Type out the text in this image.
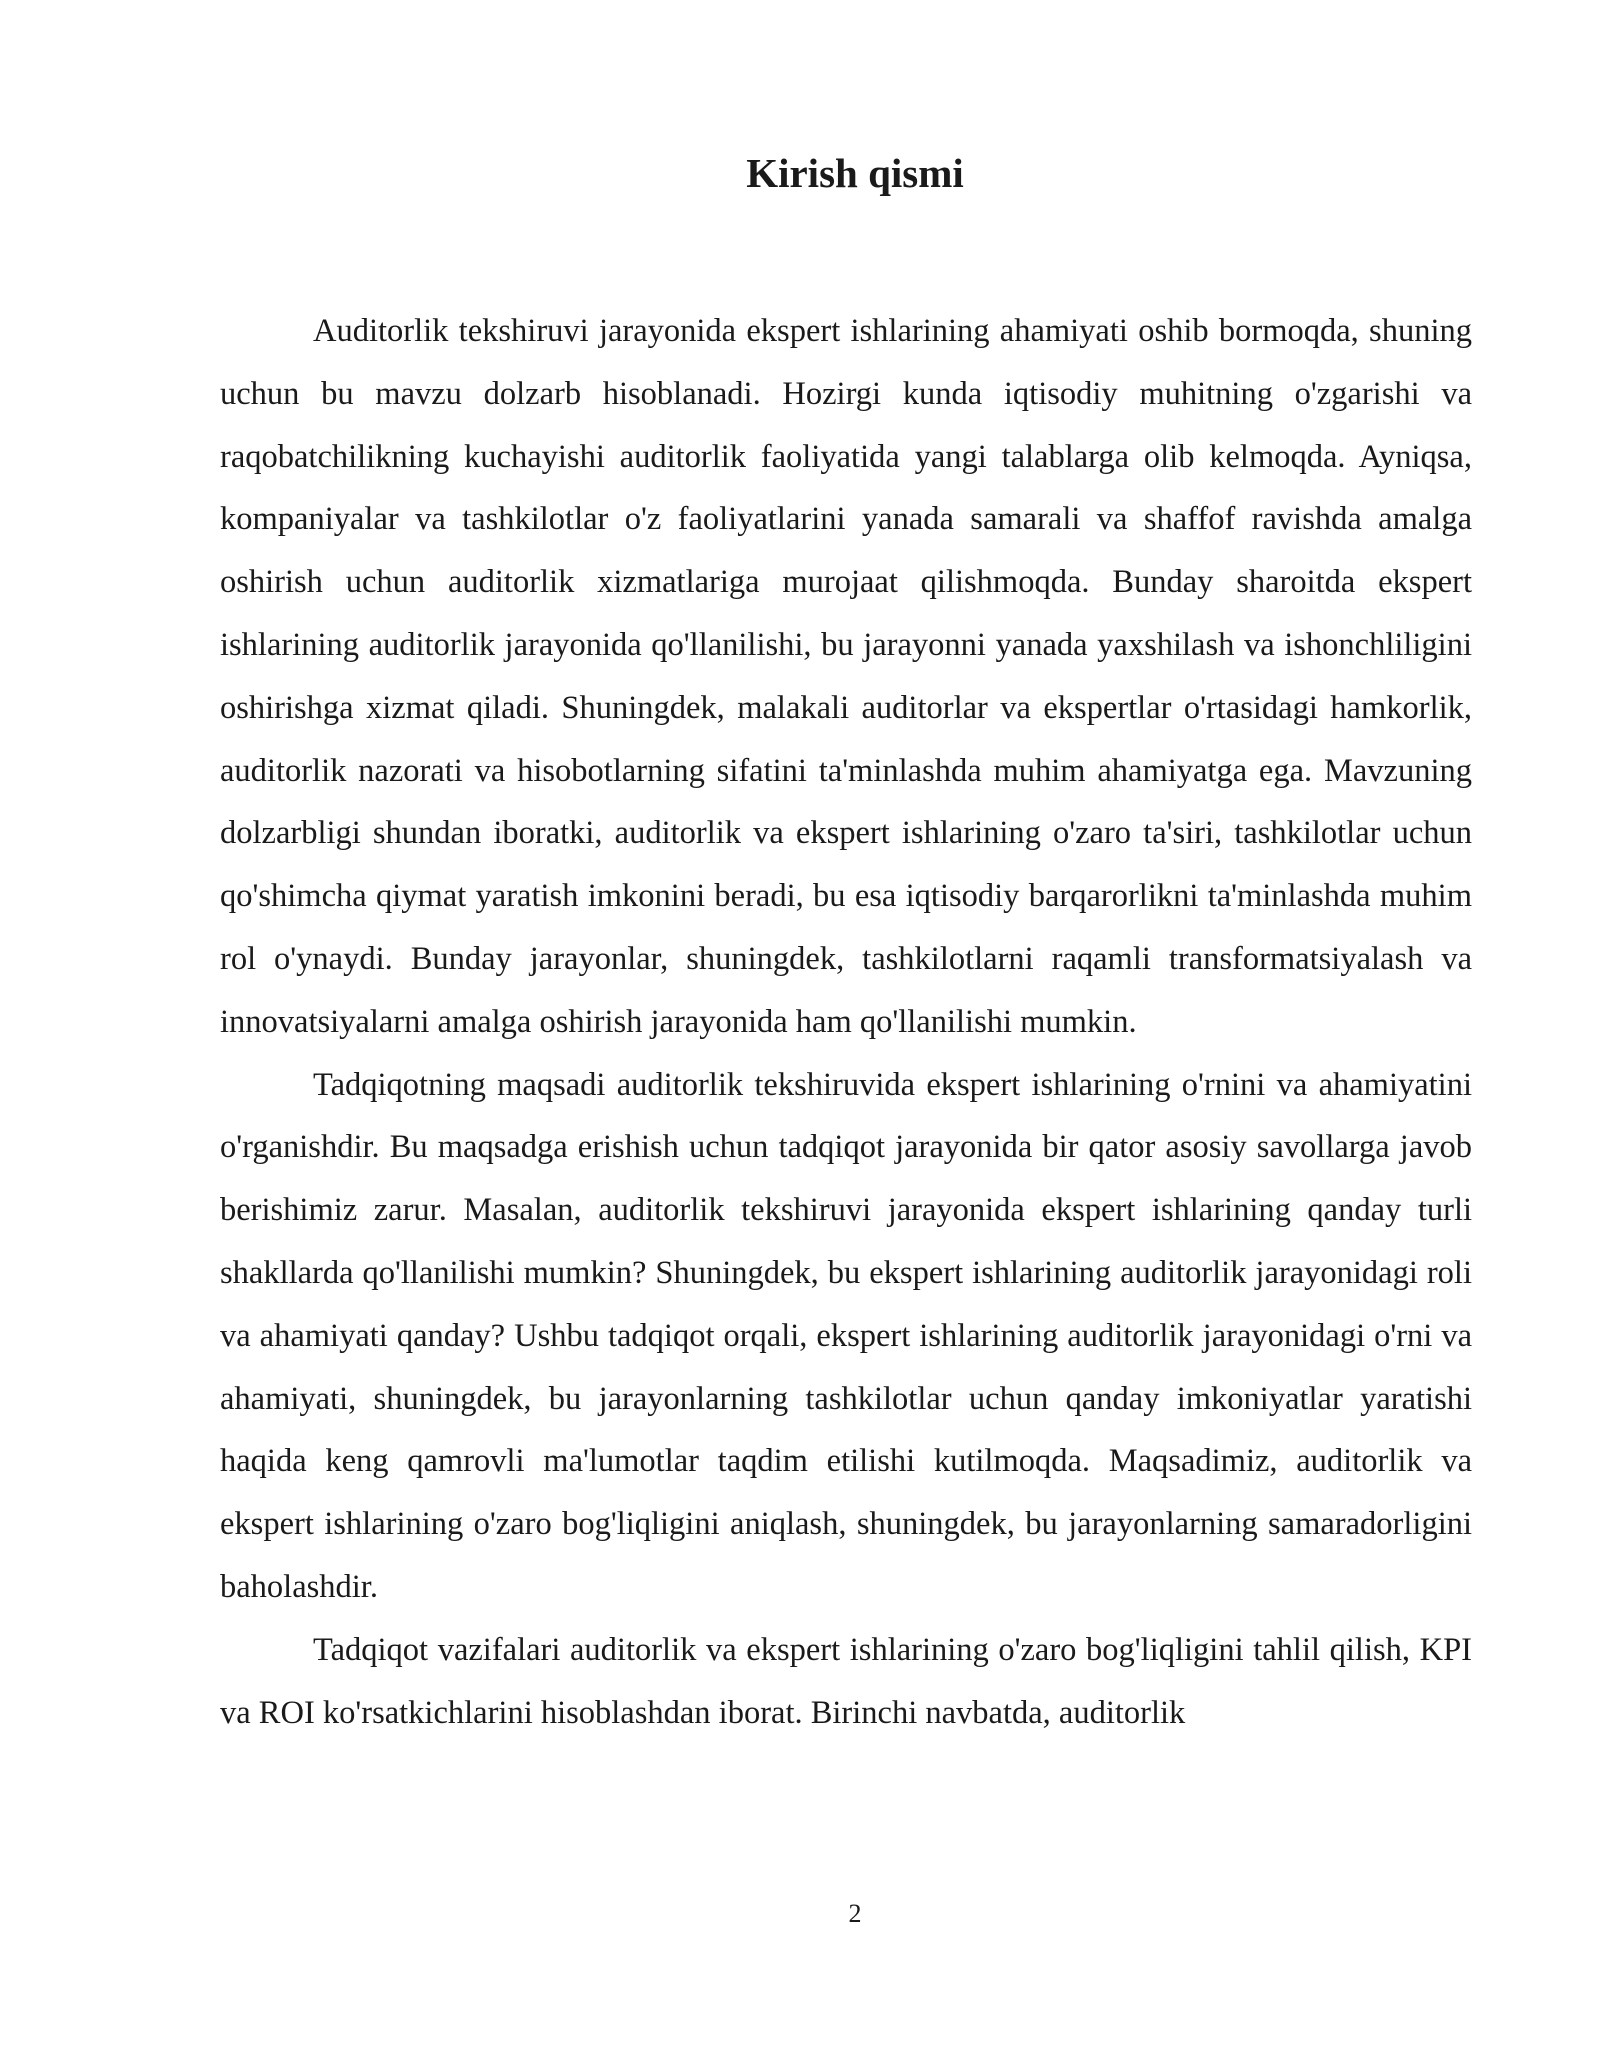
Kirish qismi

Auditorlik tekshiruvi jarayonida ekspert ishlarining ahamiyati oshib bormoqda, shuning uchun bu mavzu dolzarb hisoblanadi. Hozirgi kunda iqtisodiy muhitning o'zgarishi va raqobatchilikning kuchayishi auditorlik faoliyatida yangi talablarga olib kelmoqda. Ayniqsa, kompaniyalar va tashkilotlar o'z faoliyatlarini yanada samarali va shaffof ravishda amalga oshirish uchun auditorlik xizmatlariga murojaat qilishmoqda. Bunday sharoitda ekspert ishlarining auditorlik jarayonida qo'llanilishi, bu jarayonni yanada yaxshilash va ishonchliligini oshirishga xizmat qiladi. Shuningdek, malakali auditorlar va ekspertlar o'rtasidagi hamkorlik, auditorlik nazorati va hisobotlarning sifatini ta'minlashda muhim ahamiyatga ega. Mavzuning dolzarbligi shundan iboratki, auditorlik va ekspert ishlarining o'zaro ta'siri, tashkilotlar uchun qo'shimcha qiymat yaratish imkonini beradi, bu esa iqtisodiy barqarorlikni ta'minlashda muhim rol o'ynaydi. Bunday jarayonlar, shuningdek, tashkilotlarni raqamli transformatsiyalash va innovatsiyalarni amalga oshirish jarayonida ham qo'llanilishi mumkin.

Tadqiqotning maqsadi auditorlik tekshiruvida ekspert ishlarining o'rnini va ahamiyatini o'rganishdir. Bu maqsadga erishish uchun tadqiqot jarayonida bir qator asosiy savollarga javob berishimiz zarur. Masalan, auditorlik tekshiruvi jarayonida ekspert ishlarining qanday turli shakllarda qo'llanilishi mumkin? Shuningdek, bu ekspert ishlarining auditorlik jarayonidagi roli va ahamiyati qanday? Ushbu tadqiqot orqali, ekspert ishlarining auditorlik jarayonidagi o'rni va ahamiyati, shuningdek, bu jarayonlarning tashkilotlar uchun qanday imkoniyatlar yaratishi haqida keng qamrovli ma'lumotlar taqdim etilishi kutilmoqda. Maqsadimiz, auditorlik va ekspert ishlarining o'zaro bog'liqligini aniqlash, shuningdek, bu jarayonlarning samaradorligini baholashdir.

Tadqiqot vazifalari auditorlik va ekspert ishlarining o'zaro bog'liqligini tahlil qilish, KPI va ROI ko'rsatkichlarini hisoblashdan iborat. Birinchi navbatda, auditorlik

2
